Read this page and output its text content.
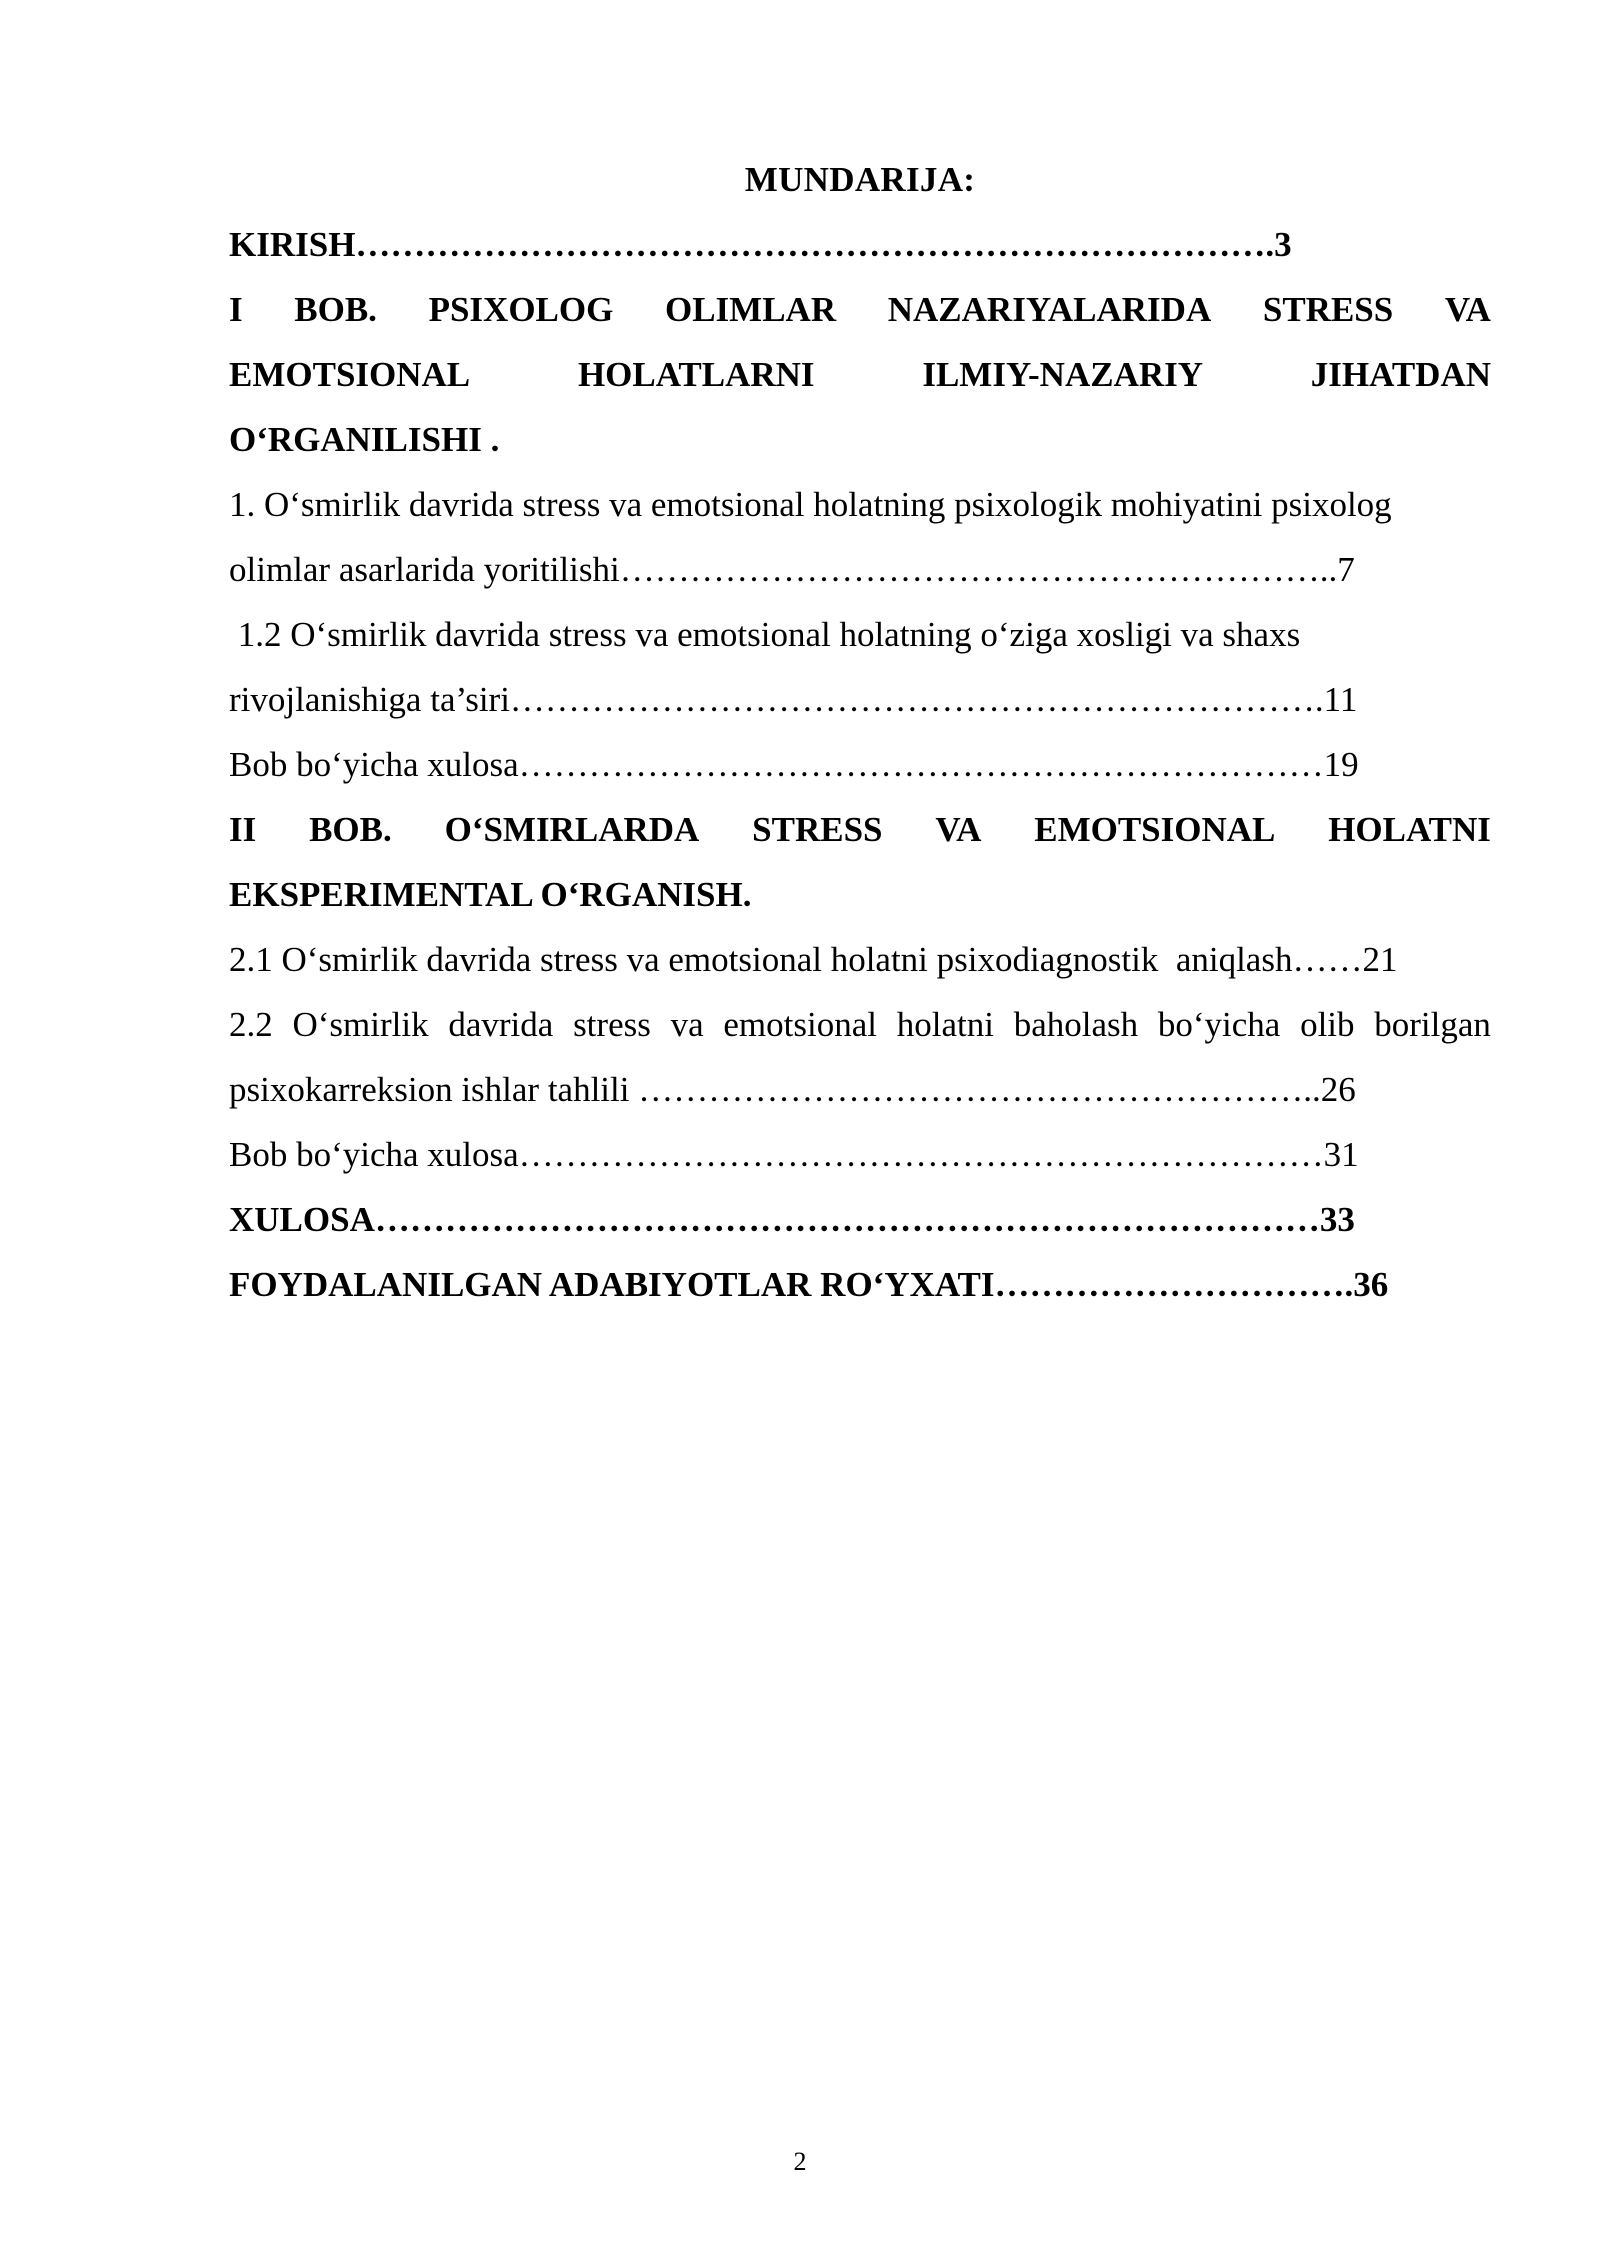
MUNDARIJA:
KIRISH…………………………………………………………………….3
I BOB. PSIXOLOG OLIMLAR NAZARIYALARIDA STRESS VA
EMOTSIONAL	HOLATLARNI	ILMIY-NAZARIY	JIHATDAN
O‘RGANILISHI .
1. O‘smirlik davrida stress va emotsional holatning psixologik mohiyatini psixolog
olimlar asarlarida yoritilishi……………………………………………………..7
1.2 O‘smirlik davrida stress va emotsional holatning o‘ziga xosligi va shaxs
rivojlanishiga ta’siri…………………………………………………………….11
Bob bo‘yicha xulosa……………………………………………………………19
II BOB. O‘SMIRLARDA STRESS VA EMOTSIONAL HOLATNI
EKSPERIMENTAL O‘RGANISH.
2.1 O‘smirlik davrida stress va emotsional holatni psixodiagnostik  aniqlash……21
2.2 O‘smirlik davrida stress va emotsional holatni baholash bo‘yicha olib borilgan
psixokarreksion ishlar tahlili …………………………………………………..26
Bob bo‘yicha xulosa……………………………………………………………31
XULOSA………………………………………………………………………33
FOYDALANILGAN ADABIYOTLAR RO‘YXATI………………………….36
2
